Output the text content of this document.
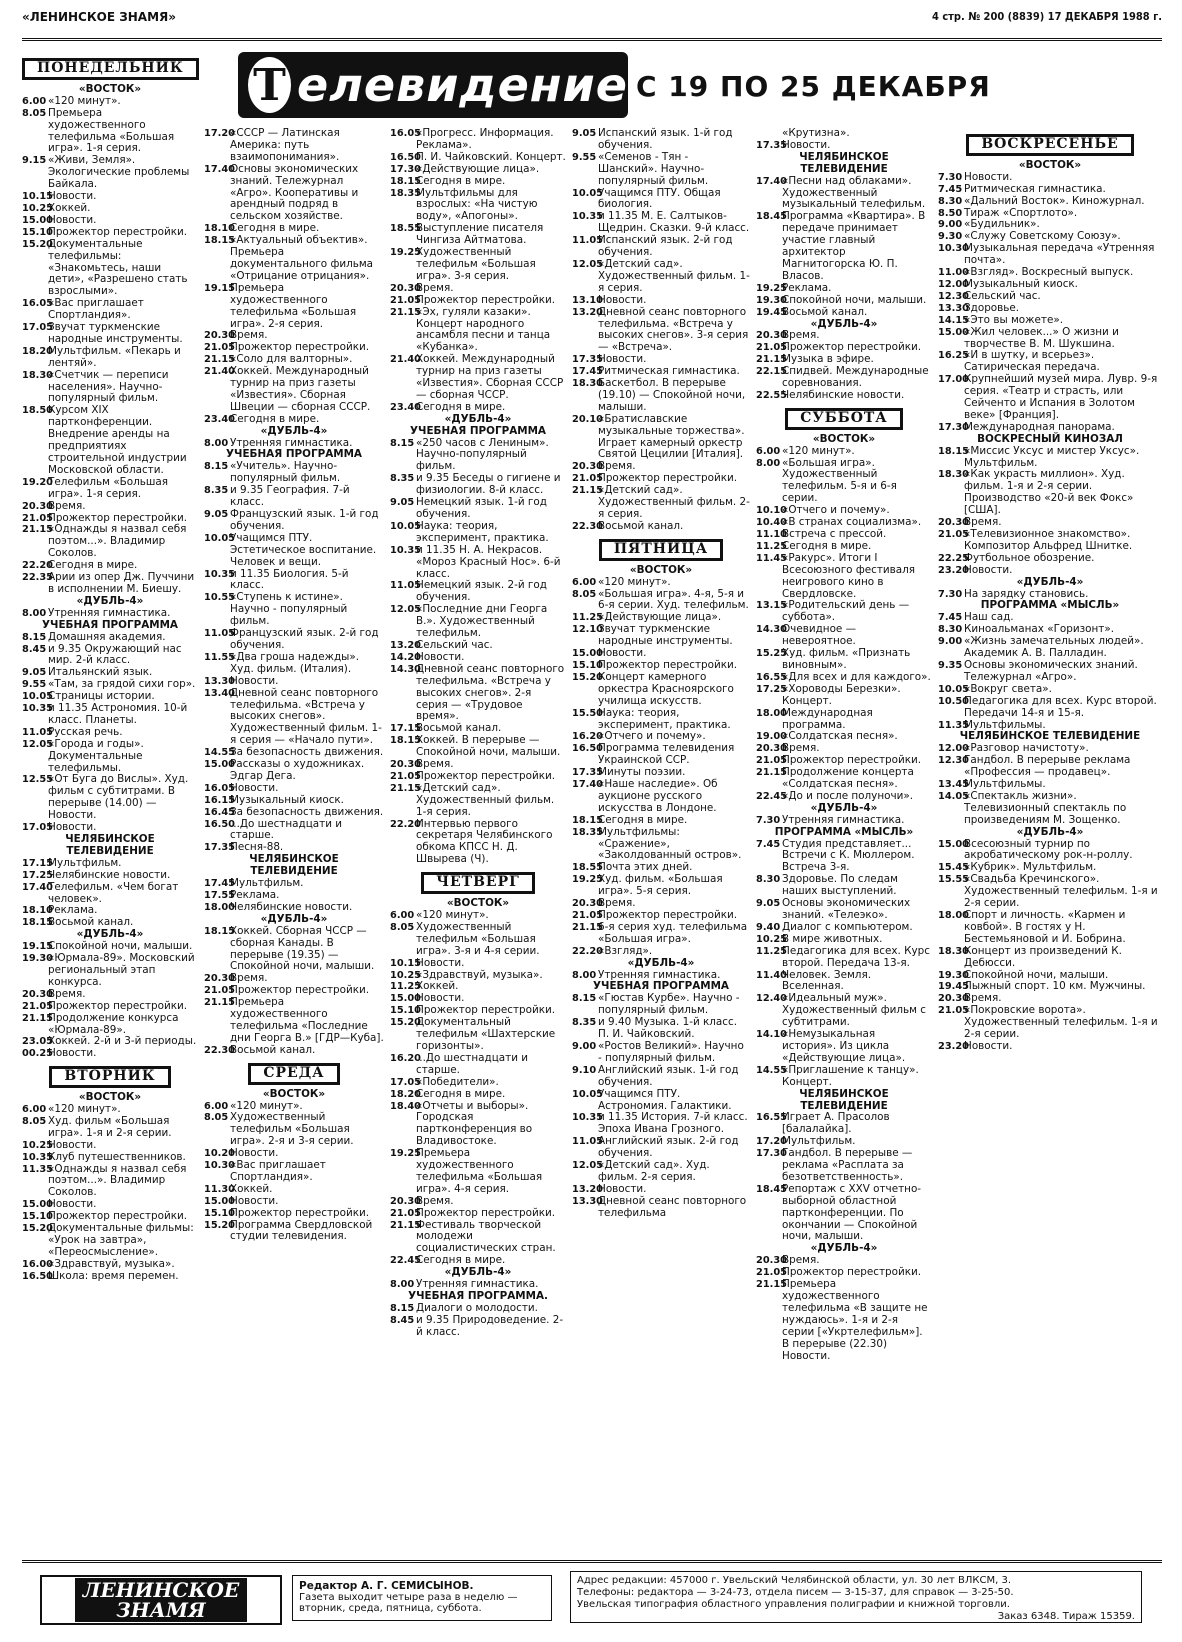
«ЛЕНИНСКОЕ ЗНАМЯ»	4 стр. № 200 (8839) 17 ДЕКАБРЯ 1988 г.
Т елевидение С 19 ПО 25 ДЕКАБРЯ
ПОНЕДЕЛЬНИК
«ВОСТОК»
6.00 «120 минут».
8.05 Премьера художественного телефильма «Большая игра». 1-я серия.
9.15 «Живи, Земля». Экологические проблемы Байкала.
10.15
Новости.
10.25
Хоккей.
15.00
Новости.
15.10
Прожектор перестройки.
15.20
Документальные телефильмы: «Знакомьтесь, наши дети», «Разрешено стать взрослыми».
16.05
«Вас приглашает Спортландия».
17.05
Звучат туркменские народные инструменты.
18.20
Мультфильм. «Пекарь и лентяй».
18.30
«Счетчик — переписи населения». Научно-популярный фильм.
18.50
Курсом XIX партконференции. Внедрение аренды на предприятиях строительной индустрии Московской области.
19.20
Телефильм «Большая игра». 1-я серия.
20.30
Время.
21.05
Прожектор перестройки.
21.15
«Однажды я назвал себя поэтом...». Владимир Соколов.
22.20
Сегодня в мире.
22.35
Арии из опер Дж. Пуччини в исполнении М. Биешу.
«ДУБЛЬ-4»
8.00 Утренняя гимнастика.
УЧЕБНАЯ ПРОГРАММА
8.15 Домашняя академия.
8.45 и 9.35 Окружающий нас мир. 2-й класс.
9.05 Итальянский язык.
9.55 «Там, за грядой сихи гор».
10.05
Страницы истории.
10.35
и 11.35 Астрономия. 10-й класс. Планеты.
11.05
Русская речь.
12.05
«Города и годы». Документальные телефильмы.
12.55
«От Буга до Вислы». Худ. фильм с субтитрами. В перерыве (14.00) — Новости.
17.05
Новости.
ЧЕЛЯБИНСКОЕ ТЕЛЕВИДЕНИЕ
17.15
Мультфильм.
17.25
Челябинские новости.
17.40
Телефильм. «Чем богат человек».
18.10
Реклама.
18.15
Восьмой канал.
«ДУБЛЬ-4»
19.15
Спокойной ночи, малыши.
19.30
«Юрмала-89». Московский региональный этап конкурса.
20.30
Время.
21.05
Прожектор перестройки.
21.15
Продолжение конкурса «Юрмала-89».
23.05
Хоккей. 2-й и 3-й периоды.
00.25
Новости.
ВТОРНИК
«ВОСТОК»
6.00 «120 минут».
8.05 Худ. фильм «Большая игра». 1-я и 2-я серии.
10.25
Новости.
10.35
Клуб путешественников.
11.35
«Однажды я назвал себя поэтом...». Владимир Соколов.
15.00
Новости.
15.10
Прожектор перестройки.
15.20
Документальные фильмы: «Урок на завтра», «Переосмысление».
16.00
«Здравствуй, музыка».
16.50
Школа: время перемен.
17.20
«СССР — Латинская Америка: путь взаимопонимания».
17.40
Основы экономических знаний. Тележурнал «Агро». Кооперативы и арендный подряд в сельском хозяйстве.
18.10
Сегодня в мире.
18.15
«Актуальный объектив». Премьера документального фильма «Отрицание отрицания».
19.15
Премьера художественного телефильма «Большая игра». 2-я серия.
20.30
Время.
21.05
Прожектор перестройки.
21.15
«Соло для валторны».
21.40
Хоккей. Международный турнир на приз газеты «Известия». Сборная Швеции — сборная СССР.
23.40
Сегодня в мире.
«ДУБЛЬ-4»
8.00 Утренняя гимнастика.
УЧЕБНАЯ ПРОГРАММА
8.15 «Учитель». Научно-популярный фильм.
8.35 и 9.35 География. 7-й класс.
9.05 Французский язык. 1-й год обучения.
10.05
Учащимся ПТУ. Эстетическое воспитание. Человек и вещи.
10.35
и 11.35 Биология. 5-й класс.
10.55
«Ступень к истине». Научно - популярный фильм.
11.05
Французский язык. 2-й год обучения.
11.55
«Два гроша надежды». Худ. фильм. (Италия).
13.30
Новости.
13.40
Дневной сеанс повторного телефильма. «Встреча у высоких снегов». Художественный фильм. 1-я серия — «Начало пути».
14.55
За безопасность движения.
15.00
Рассказы о художниках. Эдгар Дега.
16.05
Новости.
16.15
Музыкальный киоск.
16.45
За безопасность движения.
16.50
...До шестнадцати и старше.
17.35
Песня-88.
ЧЕЛЯБИНСКОЕ ТЕЛЕВИДЕНИЕ
17.45
Мультфильм.
17.55
Реклама.
18.00
Челябинские новости.
«ДУБЛЬ-4»
18.15
Хоккей. Сборная ЧССР — сборная Канады. В перерыве (19.35) — Спокойной ночи, малыши.
20.30
Время.
21.05
Прожектор перестройки.
21.15
Премьера художественного телефильма «Последние дни Георга В.» [ГДР—Куба].
22.30
Восьмой канал.
СРЕДА
«ВОСТОК»
6.00 «120 минут».
8.05 Художественный телефильм «Большая игра». 2-я и 3-я серии.
10.20
Новости.
10.30
«Вас приглашает Спортландия».
11.30
Хоккей.
15.00
Новости.
15.10
Прожектор перестройки.
15.20
Программа Свердловской студии телевидения.
16.05
«Прогресс. Информация. Реклама».
16.50
П. И. Чайковский. Концерт.
17.30
«Действующие лица».
18.15
Сегодня в мире.
18.35
Мультфильмы для взрослых: «На чистую воду», «Апогоны».
18.55
Выступление писателя Чингиза Айтматова.
19.25
Художественный телефильм «Большая игра». 3-я серия.
20.30
Время.
21.05
Прожектор перестройки.
21.15
«Эх, гуляли казаки». Концерт народного ансамбля песни и танца «Кубанка».
21.40
Хоккей. Международный турнир на приз газеты «Известия». Сборная СССР — сборная ЧССР.
23.40
Сегодня в мире.
«ДУБЛЬ-4»
УЧЕБНАЯ ПРОГРАММА
8.15 «250 часов с Лениным». Научно-популярный фильм.
8.35 и 9.35 Беседы о гигиене и физиологии. 8-й класс.
9.05 Немецкий язык. 1-й год обучения.
10.05
Наука: теория, эксперимент, практика.
10.35
и 11.35 Н. А. Некрасов. «Мороз Красный Нос». 6-й класс.
11.05
Немецкий язык. 2-й год обучения.
12.05
«Последние дни Георга В.». Художественный телефильм.
13.20
Сельский час.
14.20
Новости.
14.30
Дневной сеанс повторного телефильма. «Встреча у высоких снегов». 2-я серия — «Трудовое время».
17.15
Восьмой канал.
18.15
Хоккей. В перерыве — Спокойной ночи, малыши.
20.30
Время.
21.05
Прожектор перестройки.
21.15
«Детский сад». Художественный фильм. 1-я серия.
22.20
Интервью первого секретаря Челябинского обкома КПСС Н. Д. Швырева (Ч).
ЧЕТВЕРГ
«ВОСТОК»
6.00 «120 минут».
8.05 Художественный телефильм «Большая игра». 3-я и 4-я серии.
10.15
Новости.
10.25
«Здравствуй, музыка».
11.25
Хоккей.
15.00
Новости.
15.10
Прожектор перестройки.
15.20
Документальный телефильм «Шахтерские горизонты».
16.20
...До шестнадцати и старше.
17.05
«Победители».
18.20
Сегодня в мире.
18.40
«Отчеты и выборы». Городская партконференция во Владивостоке.
19.25
Премьера художественного телефильма «Большая игра». 4-я серия.
20.30
Время.
21.05
Прожектор перестройки.
21.15
Фестиваль творческой молодежи социалистических стран.
22.45
Сегодня в мире.
«ДУБЛЬ-4»
8.00 Утренняя гимнастика.
УЧЕБНАЯ ПРОГРАММА.
8.15 Диалоги о молодости.
8.45 и 9.35 Природоведение. 2-й класс.
9.05 Испанский язык. 1-й год обучения.
9.55 «Семенов - Тян - Шанский». Научно-популярный фильм.
10.05
Учащимся ПТУ. Общая биология.
10.35
и 11.35 М. Е. Салтыков-Щедрин. Сказки. 9-й класс.
11.05
Испанский язык. 2-й год обучения.
12.05
«Детский сад». Художественный фильм. 1-я серия.
13.10
Новости.
13.20
Дневной сеанс повторного телефильма. «Встреча у высоких снегов». 3-я серия — «Встреча».
17.35
Новости.
17.45
Ритмическая гимнастика.
18.30
Баскетбол. В перерыве (19.10) — Спокойной ночи, малыши.
20.10
«Братиславские музыкальные торжества». Играет камерный оркестр Святой Цецилии [Италия].
20.30
Время.
21.05
Прожектор перестройки.
21.15
«Детский сад». Художественный фильм. 2-я серия.
22.30
Восьмой канал.
ПЯТНИЦА
«ВОСТОК»
6.00 «120 минут».
8.05 «Большая игра». 4-я, 5-я и 6-я серии. Худ. телефильм.
11.25
«Действующие лица».
12.10
Звучат туркменские народные инструменты.
15.00
Новости.
15.10
Прожектор перестройки.
15.20
Концерт камерного оркестра Красноярского училища искусств.
15.50
Наука: теория, эксперимент, практика.
16.20
«Отчего и почему».
16.50
Программа телевидения Украинской ССР.
17.35
Минуты поэзии.
17.40
«Наше наследие». Об аукционе русского искусства в Лондоне.
18.15
Сегодня в мире.
18.35
Мультфильмы: «Сражение», «Заколдованный остров».
18.55
Почта этих дней.
19.25
Худ. фильм. «Большая игра». 5-я серия.
20.30
Время.
21.05
Прожектор перестройки.
21.15
6-я серия худ. телефильма «Большая игра».
22.20
«Взгляд».
«ДУБЛЬ-4»
8.00 Утренняя гимнастика.
УЧЕБНАЯ ПРОГРАММА
8.15 «Гюстав Курбе». Научно - популярный фильм.
8.35 и 9.40 Музыка. 1-й класс. П. И. Чайковский.
9.00 «Ростов Великий». Научно - популярный фильм.
9.10 Английский язык. 1-й год обучения.
10.05
Учащимся ПТУ. Астрономия. Галактики.
10.35
и 11.35 История. 7-й класс. Эпоха Ивана Грозного.
11.05
Английский язык. 2-й год обучения.
12.05
«Детский сад». Худ. фильм. 2-я серия.
13.20
Новости.
13.30
Дневной сеанс повторного телефильма
«Крутизна».
17.35
Новости.
ЧЕЛЯБИНСКОЕ ТЕЛЕВИДЕНИЕ
17.40
«Песни над облаками». Художественный музыкальный телефильм.
18.45
Программа «Квартира». В передаче принимает участие главный архитектор Магнитогорска Ю. П. Власов.
19.25
Реклама.
19.30
Спокойной ночи, малыши.
19.45
Восьмой канал.
«ДУБЛЬ-4»
20.30
Время.
21.05
Прожектор перестройки.
21.15
Музыка в эфире.
22.15
Спидвей. Международные соревнования.
22.55
Челябинские новости.
СУББОТА
«ВОСТОК»
6.00 «120 минут».
8.00 «Большая игра». Художественный телефильм. 5-я и 6-я серии.
10.10
«Отчего и почему».
10.40
«В странах социализма».
11.10
Встреча с прессой.
11.25
Сегодня в мире.
11.45
«Ракурс». Итоги I Всесоюзного фестиваля неигрового кино в Свердловске.
13.15
«Родительский день — суббота».
14.30
Очевидное — невероятное.
15.25
Худ. фильм. «Признать виновным».
16.55
«Для всех и для каждого».
17.25
«Хороводы Березки». Концерт.
18.00
Международная программа.
19.00
«Солдатская песня».
20.30
Время.
21.05
Прожектор перестройки.
21.15
Продолжение концерта «Солдатская песня».
22.45
«До и после полуночи».
«ДУБЛЬ-4»
7.30 Утренняя гимнастика.
ПРОГРАММА «МЫСЛЬ»
7.45 Студия представляет... Встречи с К. Мюллером. Встреча 3-я.
8.30 Здоровье. По следам наших выступлений.
9.05 Основы экономических знаний. «Телеэко».
9.40 Диалог с компьютером.
10.25
В мире животных.
11.25
Педагогика для всех. Курс второй. Передача 13-я.
11.40
Человек. Земля. Вселенная.
12.40
«Идеальный муж». Художественный фильм с субтитрами.
14.10
«Немузыкальная история». Из цикла «Действующие лица».
14.55
«Приглашение к танцу». Концерт.
ЧЕЛЯБИНСКОЕ ТЕЛЕВИДЕНИЕ
16.55
Играет А. Прасолов [балалайка].
17.20
Мультфильм.
17.30
Гандбол. В перерыве — реклама «Расплата за безответственность».
18.45
Репортаж с XXV отчетно-выборной областной партконференции. По окончании — Спокойной ночи, малыши.
«ДУБЛЬ-4»
20.30
Время.
21.05
Прожектор перестройки.
21.15
Премьера художественного телефильма «В защите не нуждаюсь». 1-я и 2-я серии [«Укртелефильм»]. В перерыве (22.30) Новости.
ВОСКРЕСЕНЬЕ
«ВОСТОК»
7.30 Новости.
7.45 Ритмическая гимнастика.
8.30 «Дальний Восток». Киножурнал.
8.50 Тираж «Спортлото».
9.00 «Будильник».
9.30 «Служу Советскому Союзу».
10.30
Музыкальная передача «Утренняя почта».
11.00
«Взгляд». Воскресный выпуск.
12.00
Музыкальный киоск.
12.30
Сельский час.
13.30
Здоровье.
14.15
«Это вы можете».
15.00
«Жил человек...» О жизни и творчестве В. М. Шукшина.
16.25
«И в шутку, и всерьез». Сатирическая передача.
17.00
Крупнейший музей мира. Лувр. 9-я серия. «Театр и страсть, или Сейченто и Испания в Золотом веке» [Франция].
17.30
Международная панорама.
ВОСКРЕСНЫЙ КИНОЗАЛ
18.15
«Миссис Уксус и мистер Уксус». Мультфильм.
18.30
«Как украсть миллион». Худ. фильм. 1-я и 2-я серии. Производство «20-й век Фокс» [США].
20.30
Время.
21.05
«Телевизионное знакомство». Композитор Альфред Шнитке.
22.25
Футбольное обозрение.
23.20
Новости.
«ДУБЛЬ-4»
7.30 На зарядку становись.
ПРОГРАММА «МЫСЛЬ»
7.45 Наш сад.
8.30 Киноальманах «Горизонт».
9.00 «Жизнь замечательных людей». Академик А. В. Палладин.
9.35 Основы экономических знаний. Тележурнал «Агро».
10.05
«Вокруг света».
10.50
Педагогика для всех. Курс второй. Передачи 14-я и 15-я.
11.35
Мультфильмы.
ЧЕЛЯБИНСКОЕ ТЕЛЕВИДЕНИЕ
12.00
«Разговор начистоту».
12.30
Гандбол. В перерыве реклама «Профессия — продавец».
13.45
Мультфильмы.
14.05
«Спектакль жизни». Телевизионный спектакль по произведениям М. Зощенко.
«ДУБЛЬ-4»
15.00
Всесоюзный турнир по акробатическому рок-н-роллу.
15.45
«Кубрик». Мультфильм.
15.55
«Свадьба Кречинского». Художественный телефильм. 1-я и 2-я серии.
18.00
Спорт и личность. «Кармен и ковбой». В гостях у Н. Бестемьяновой и И. Бобрина.
18.30
Концерт из произведений К. Дебюсси.
19.30
Спокойной ночи, малыши.
19.45
Лыжный спорт. 10 км. Мужчины.
20.30
Время.
21.05
«Покровские ворота». Художественный телефильм. 1-я и 2-я серии.
23.20
Новости.
ЛЕНИНСКОЕ
ЗНАМЯ
Редактор А. Г. СЕМИСЫНОВ.
Газета выходит четыре раза в неделю — вторник, среда, пятница, суббота.
Адрес редакции: 457000 г. Увельский Челябинской области, ул. 30 лет ВЛКСМ, 3.
Телефоны: редактора — 3-24-73, отдела писем — 3-15-37, для справок — 3-25-50.
Увельская типография областного управления полиграфии и книжной торговли.
Заказ 6348. Тираж 15359.
